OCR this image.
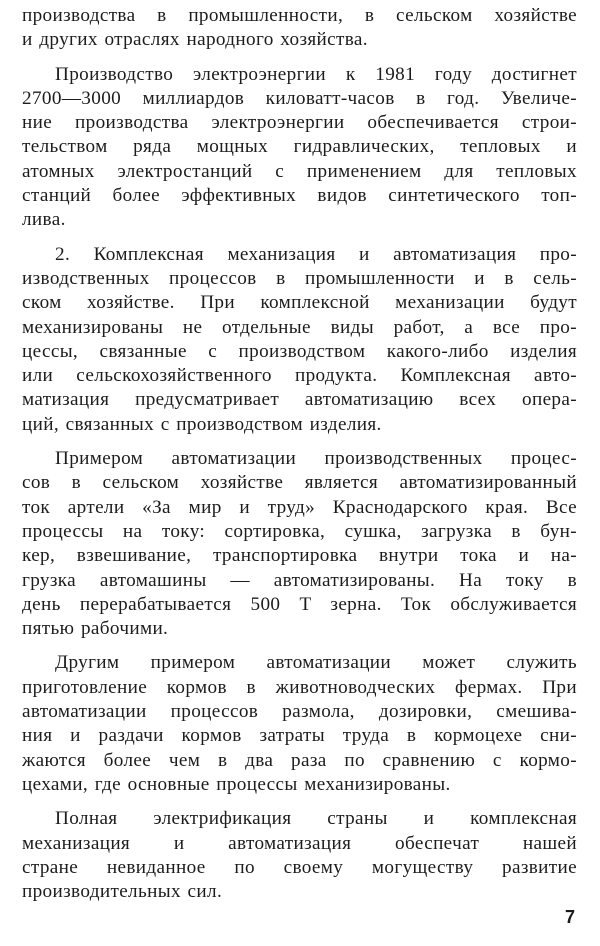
производства в промышленности, в сельском хозяйстве
и других отраслях народного хозяйства.

Производство электроэнергии к 1981 году достигнет
2700—3000 миллиардов киловатт-часов в год. Увеличе-
ние производства электроэнергии обеспечивается строи-
тельством ряда мощных гидравлических, тепловых и
атомных электростанций с применением для тепловых
станций более эффективных видов синтетического топ-
лива.

2. Комплексная механизация и автоматизация про-
изводственных процессов в промышленности и в сель-
ском хозяйстве. При комплексной механизации будут
механизированы не отдельные виды работ, а все про-
цессы, связанные с производством какого-либо изделия
или сельскохозяйственного продукта. Комплексная авто-
матизация предусматривает автоматизацию всех опера-
ций, связанных с производством изделия.

Примером автоматизации производственных процес-
сов в сельском хозяйстве является автоматизированный
ток артели «За мир и труд» Краснодарского края. Все
процессы на току: сортировка, сушка, загрузка в бун-
кер, взвешивание, транспортировка внутри тока и на-
грузка автомашины — автоматизированы. На току в
день перерабатывается 500 T зерна. Ток обслуживается
пятью рабочими.

Другим примером автоматизации может служить
приготовление кормов в животноводческих фермах. При
автоматизации процессов размола, дозировки, смешива-
ния и раздачи кормов затраты труда в кормоцехе сни-
жаются более чем в два раза по сравнению с кормо-
цехами, где основные процессы механизированы.

Полная электрификация страны и комплексная
механизация и автоматизация обеспечат нашей
стране невиданное по своему могуществу развитие
производительных сил.

7
